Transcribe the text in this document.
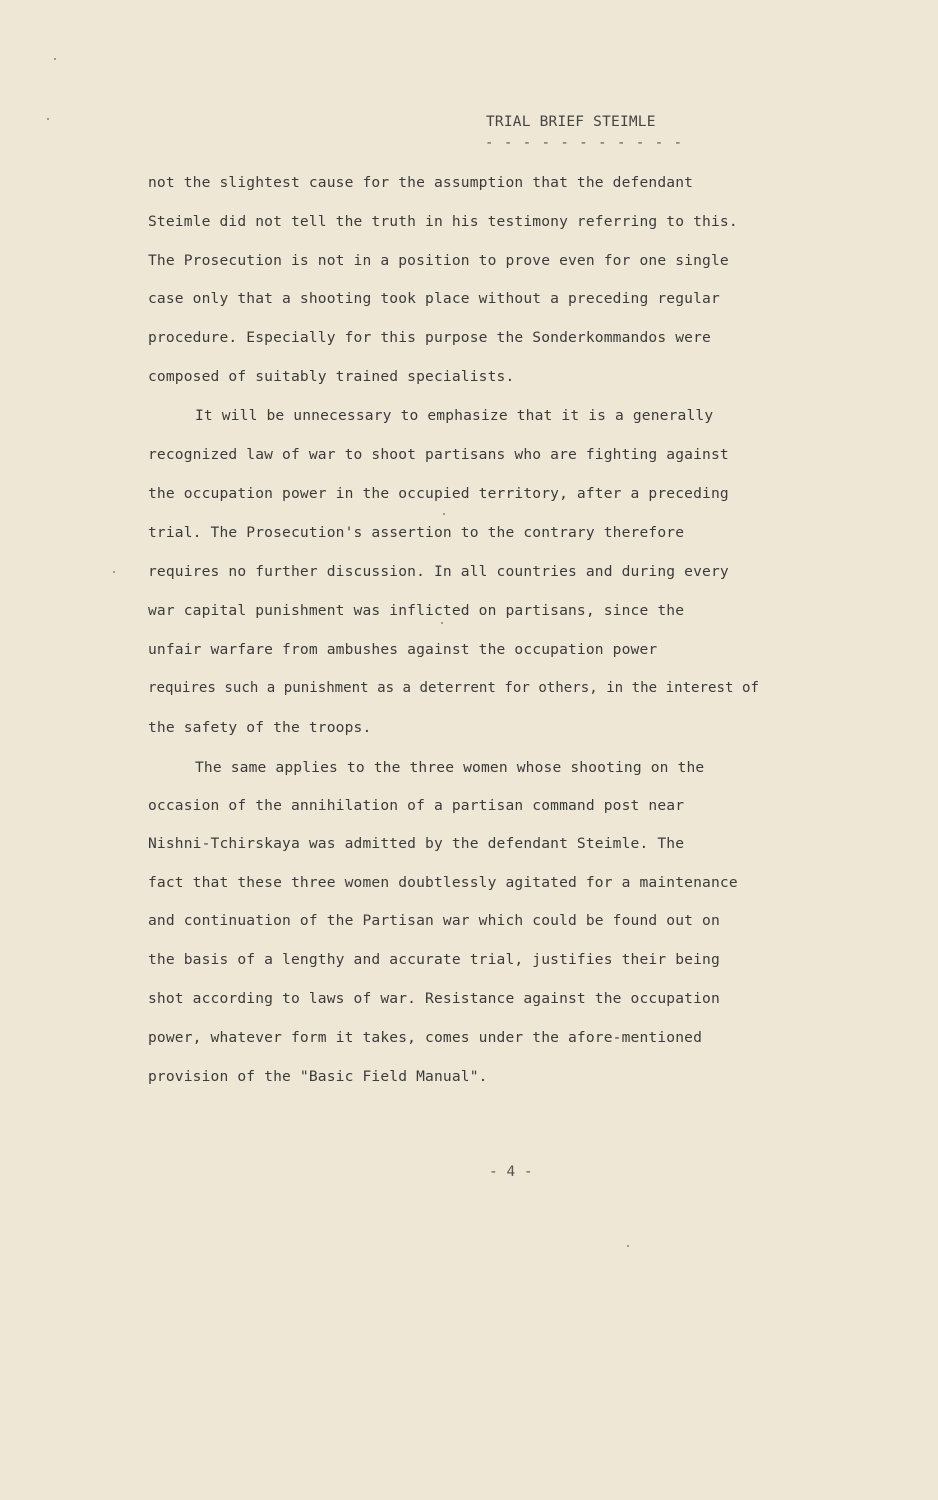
TRIAL BRIEF STEIMLE
- - - - - - - - - - -
not the slightest cause for the assumption that the defendant
Steimle did not tell the truth in his testimony referring to this.
The Prosecution is not in a position to prove even for one single
case only that a shooting took place without a preceding regular
procedure. Especially for this purpose the Sonderkommandos were
composed of suitably trained specialists.
It will be unnecessary to emphasize that it is a generally
recognized law of war to shoot partisans who are fighting against
the occupation power in the occupied territory, after a preceding
trial. The Prosecution's assertion to the contrary therefore
requires no further discussion. In all countries and during every
war capital punishment was inflicted on partisans, since the
unfair warfare from ambushes against the occupation power
requires such a punishment as a deterrent for others, in the interest of
the safety of the troops.
The same applies to the three women whose shooting on the
occasion of the annihilation of a partisan command post near
Nishni-Tchirskaya was admitted by the defendant Steimle. The
fact that these three women doubtlessly agitated for a maintenance
and continuation of the Partisan war which could be found out on
the basis of a lengthy and accurate trial, justifies their being
shot according to laws of war. Resistance against the occupation
power, whatever form it takes, comes under the afore-mentioned
provision of the "Basic Field Manual".
- 4 -
